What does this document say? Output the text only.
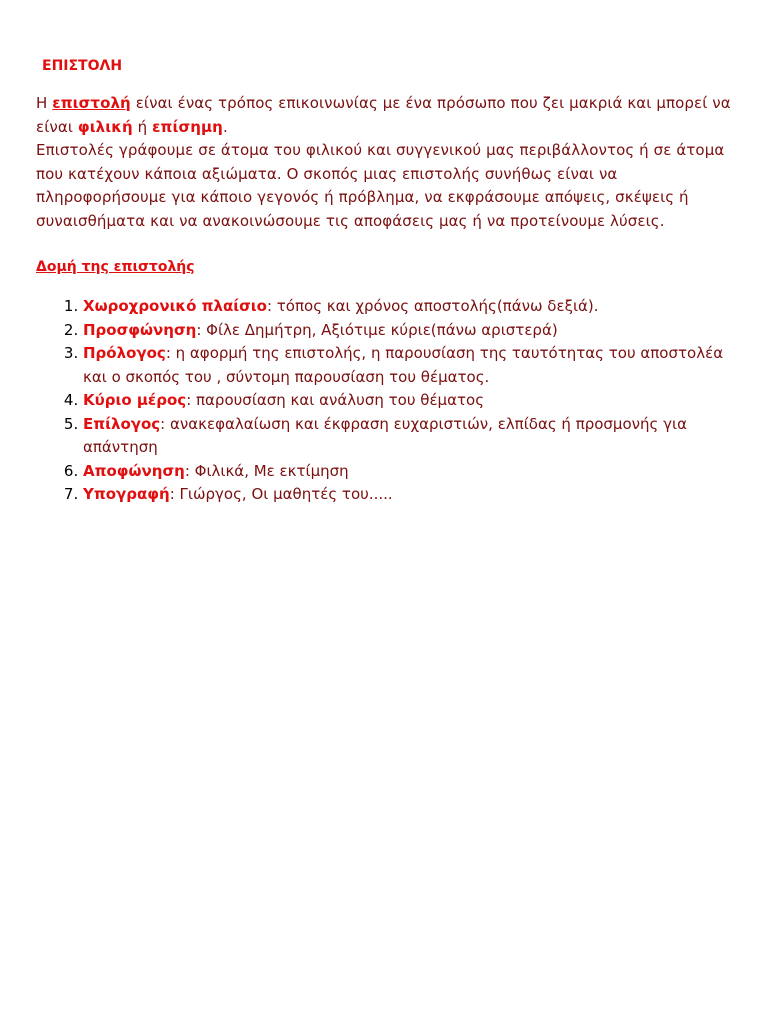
ΕΠΙΣΤΟΛΗ

Η επιστολή είναι ένας τρόπος επικοινωνίας με ένα πρόσωπο που ζει μακριά και μπορεί να είναι φιλική ή επίσημη.
Επιστολές γράφουμε σε άτομα του φιλικού και συγγενικού μας περιβάλλοντος ή σε άτομα που κατέχουν κάποια αξιώματα. Ο σκοπός μιας επιστολής συνήθως είναι να πληροφορήσουμε για κάποιο γεγονός ή πρόβλημα, να εκφράσουμε απόψεις, σκέψεις ή συναισθήματα και να ανακοινώσουμε τις αποφάσεις μας ή να προτείνουμε λύσεις.

Δομή της επιστολής
1. Χωροχρονικό πλαίσιο: τόπος και χρόνος αποστολής(πάνω δεξιά).
2. Προσφώνηση: Φίλε Δημήτρη, Αξιότιμε κύριε(πάνω αριστερά)
3. Πρόλογος: η αφορμή της επιστολής, η παρουσίαση της ταυτότητας του αποστολέα και ο σκοπός του , σύντομη παρουσίαση του θέματος.
4. Κύριο μέρος: παρουσίαση και ανάλυση του θέματος
5. Επίλογος: ανακεφαλαίωση και έκφραση ευχαριστιών, ελπίδας ή προσμονής για απάντηση
6. Αποφώνηση: Φιλικά, Με εκτίμηση
7. Υπογραφή: Γιώργος, Οι μαθητές του.....
